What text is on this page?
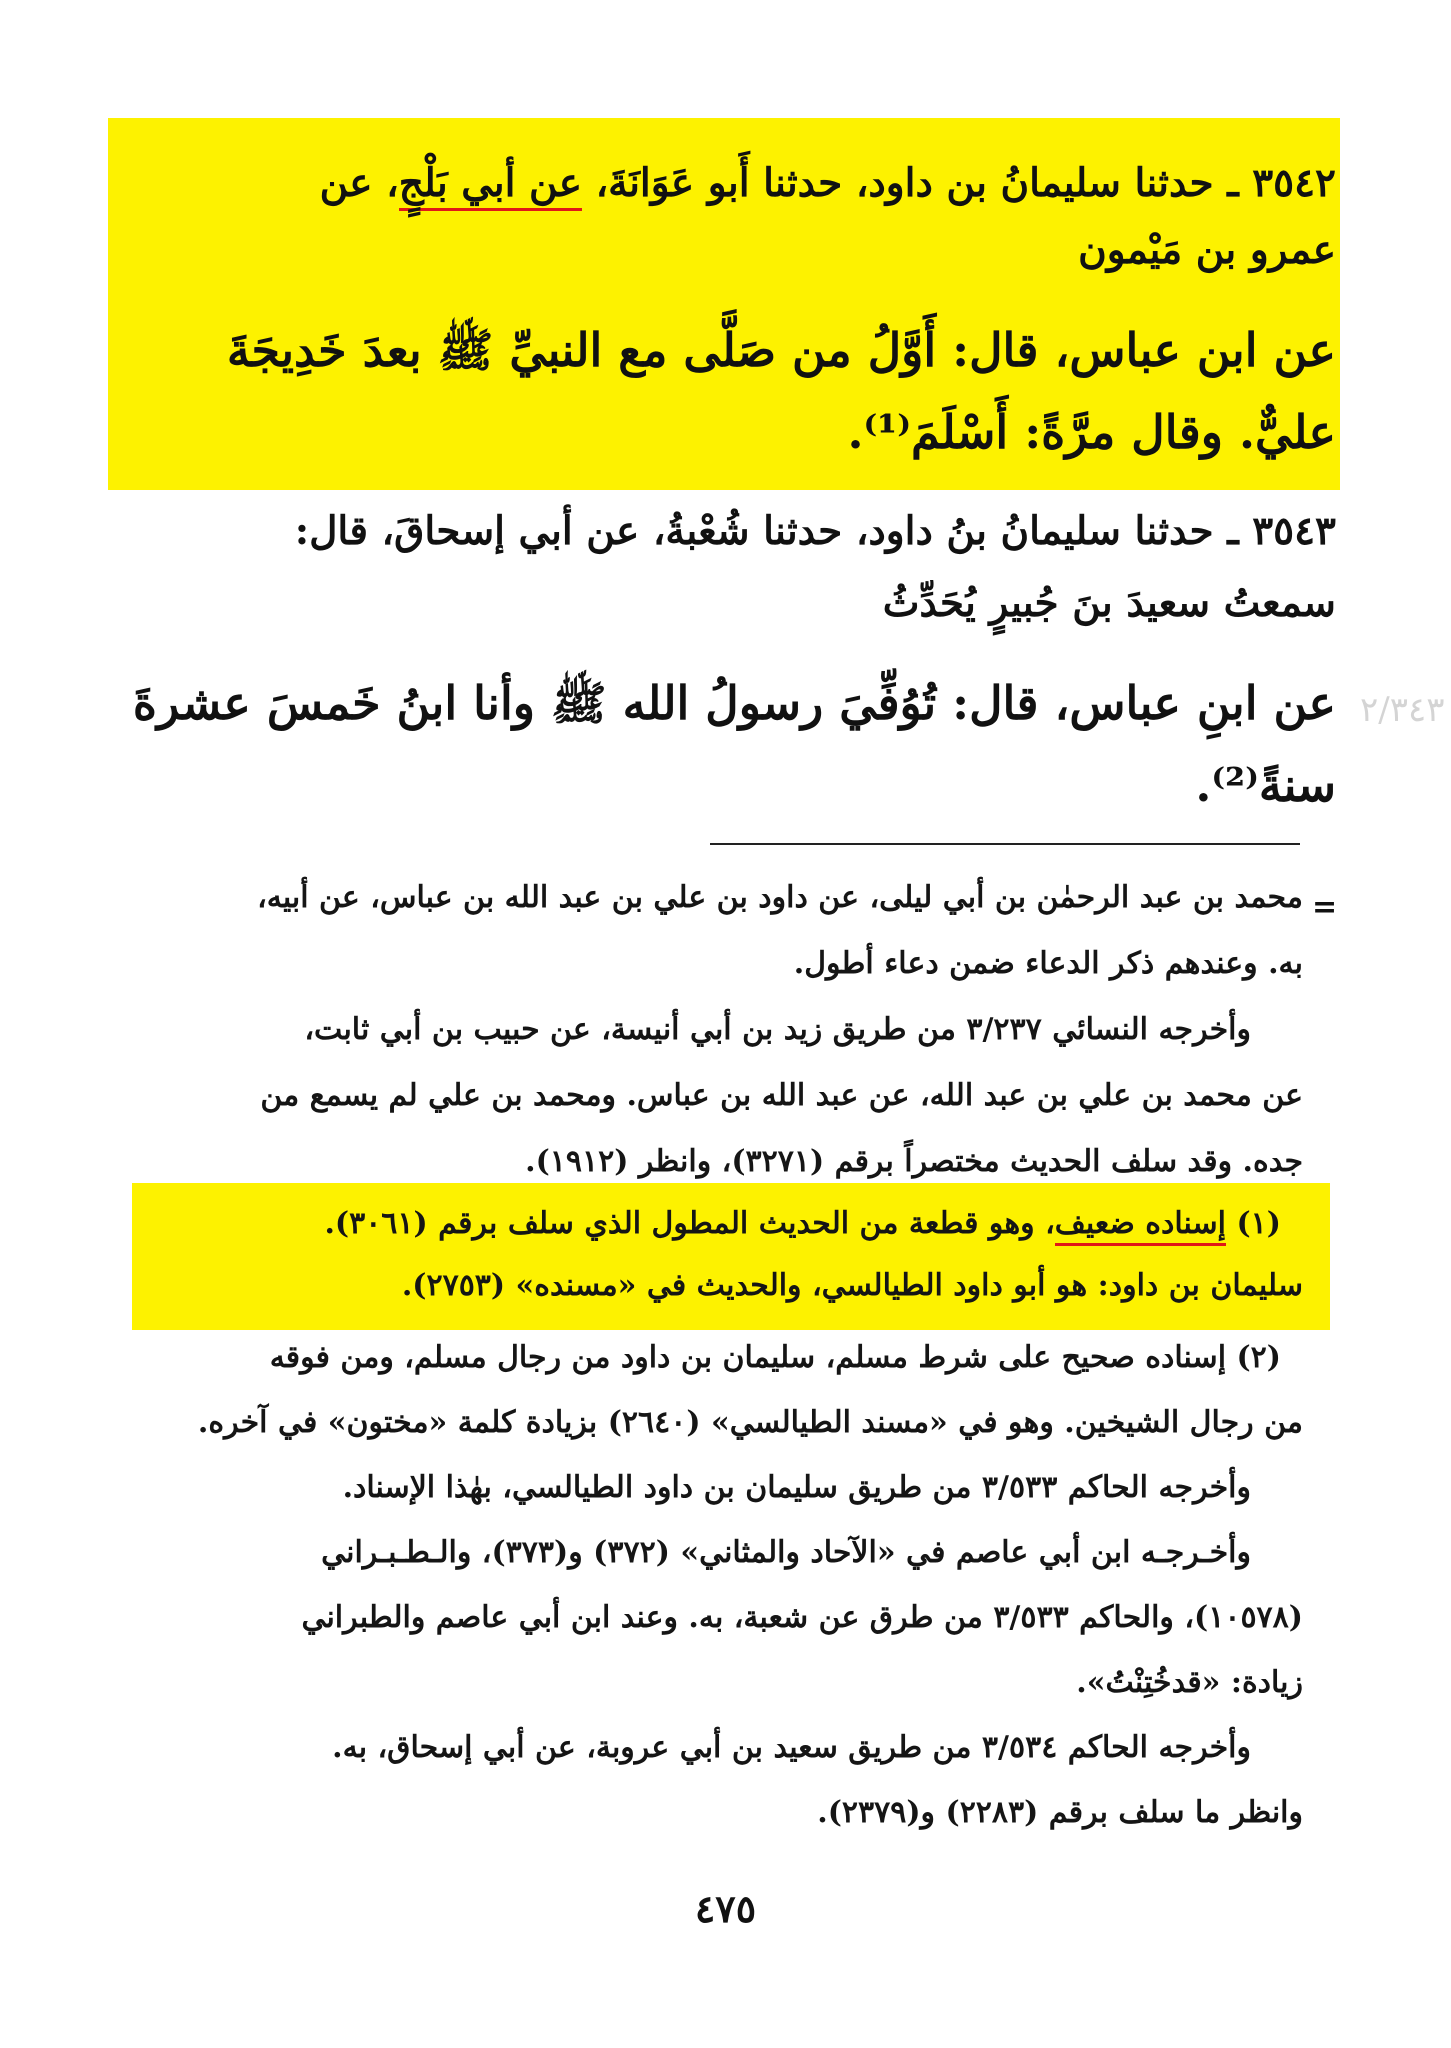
٢/٣٤٣
٣٥٤٢ ـ حدثنا سليمانُ بن داود، حدثنا أَبو عَوَانَةَ، عن أبي بَلْجٍ، عن
عمرو بن مَيْمون
عن ابن عباس، قال: أَوَّلُ من صَلَّى مع النبيِّ ﷺ بعدَ خَدِيجَةَ
عليٌّ. وقال مرَّةً: أَسْلَمَ⁽¹⁾.
٣٥٤٣ ـ حدثنا سليمانُ بنُ داود، حدثنا شُعْبةُ، عن أبي إسحاقَ، قال:
سمعتُ سعيدَ بنَ جُبيرٍ يُحَدِّثُ
عن ابنِ عباس، قال: تُوُفِّيَ رسولُ الله ﷺ وأنا ابنُ خَمسَ عشرةَ
سنةً⁽²⁾.
=
محمد بن عبد الرحمٰن بن أبي ليلى، عن داود بن علي بن عبد الله بن عباس، عن أبيه،
به. وعندهم ذكر الدعاء ضمن دعاء أطول.
وأخرجه النسائي ٣/٢٣٧ من طريق زيد بن أبي أنيسة، عن حبيب بن أبي ثابت،
عن محمد بن علي بن عبد الله، عن عبد الله بن عباس. ومحمد بن علي لم يسمع من
جده. وقد سلف الحديث مختصراً برقم (٣٢٧١)، وانظر (١٩١٢).
(١) إسناده ضعيف، وهو قطعة من الحديث المطول الذي سلف برقم (٣٠٦١).
سليمان بن داود: هو أبو داود الطيالسي، والحديث في «مسنده» (٢٧٥٣).
(٢) إسناده صحيح على شرط مسلم، سليمان بن داود من رجال مسلم، ومن فوقه
من رجال الشيخين. وهو في «مسند الطيالسي» (٢٦٤٠) بزيادة كلمة «مختون» في آخره.
وأخرجه الحاكم ٣/٥٣٣ من طريق سليمان بن داود الطيالسي، بهٰذا الإسناد.
وأخـرجـه ابن أبي عاصم في «الآحاد والمثاني» (٣٧٢) و(٣٧٣)، والـطـبـراني
(١٠٥٧٨)، والحاكم ٣/٥٣٣ من طرق عن شعبة، به. وعند ابن أبي عاصم والطبراني
زيادة: «قدخُتِنْتُ».
وأخرجه الحاكم ٣/٥٣٤ من طريق سعيد بن أبي عروبة، عن أبي إسحاق، به.
وانظر ما سلف برقم (٢٢٨٣) و(٢٣٧٩).
٤٧٥
